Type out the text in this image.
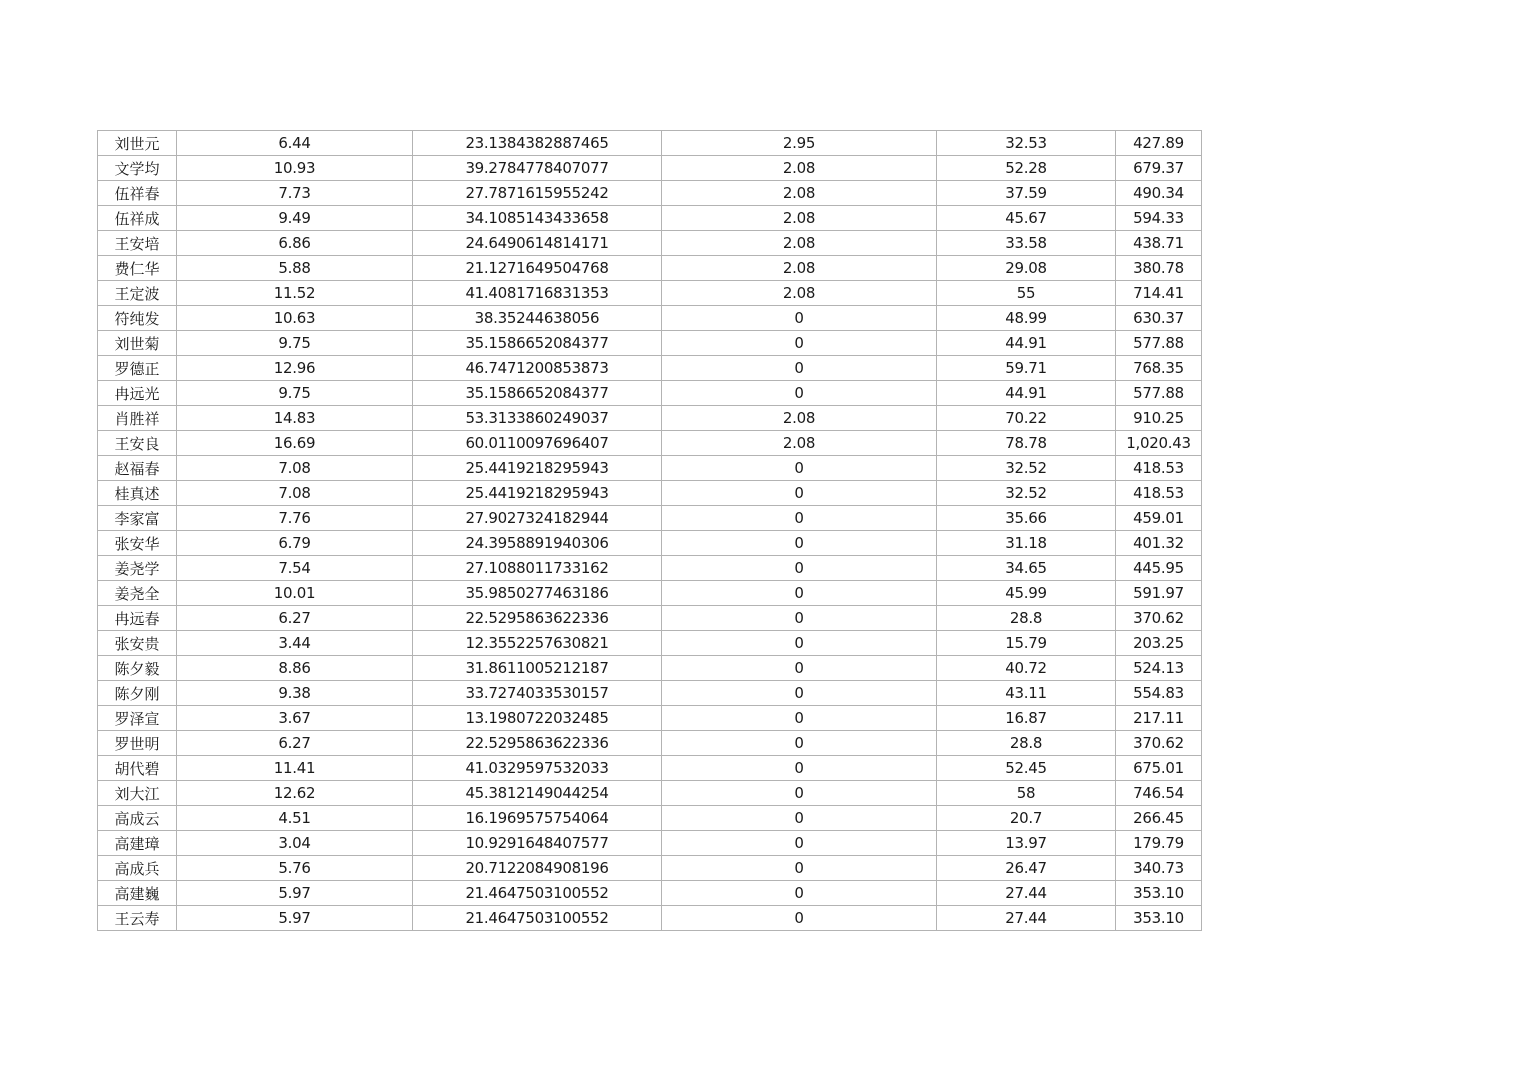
刘世元	6.44	23.1384382887465	2.95	32.53	427.89
文学均	10.93	39.2784778407077	2.08	52.28	679.37
伍祥春	7.73	27.7871615955242	2.08	37.59	490.34
伍祥成	9.49	34.1085143433658	2.08	45.67	594.33
王安培	6.86	24.6490614814171	2.08	33.58	438.71
费仁华	5.88	21.1271649504768	2.08	29.08	380.78
王定波	11.52	41.4081716831353	2.08	55	714.41
符纯发	10.63	38.35244638056	0	48.99	630.37
刘世菊	9.75	35.1586652084377	0	44.91	577.88
罗德正	12.96	46.7471200853873	0	59.71	768.35
冉远光	9.75	35.1586652084377	0	44.91	577.88
肖胜祥	14.83	53.3133860249037	2.08	70.22	910.25
王安良	16.69	60.0110097696407	2.08	78.78	1,020.43
赵福春	7.08	25.4419218295943	0	32.52	418.53
桂真述	7.08	25.4419218295943	0	32.52	418.53
李家富	7.76	27.9027324182944	0	35.66	459.01
张安华	6.79	24.3958891940306	0	31.18	401.32
姜尧学	7.54	27.1088011733162	0	34.65	445.95
姜尧全	10.01	35.9850277463186	0	45.99	591.97
冉远春	6.27	22.5295863622336	0	28.8	370.62
张安贵	3.44	12.3552257630821	0	15.79	203.25
陈夕毅	8.86	31.8611005212187	0	40.72	524.13
陈夕刚	9.38	33.7274033530157	0	43.11	554.83
罗泽宣	3.67	13.1980722032485	0	16.87	217.11
罗世明	6.27	22.5295863622336	0	28.8	370.62
胡代碧	11.41	41.0329597532033	0	52.45	675.01
刘大江	12.62	45.3812149044254	0	58	746.54
高成云	4.51	16.1969575754064	0	20.7	266.45
高建璋	3.04	10.9291648407577	0	13.97	179.79
高成兵	5.76	20.7122084908196	0	26.47	340.73
高建巍	5.97	21.4647503100552	0	27.44	353.10
王云寿	5.97	21.4647503100552	0	27.44	353.10
